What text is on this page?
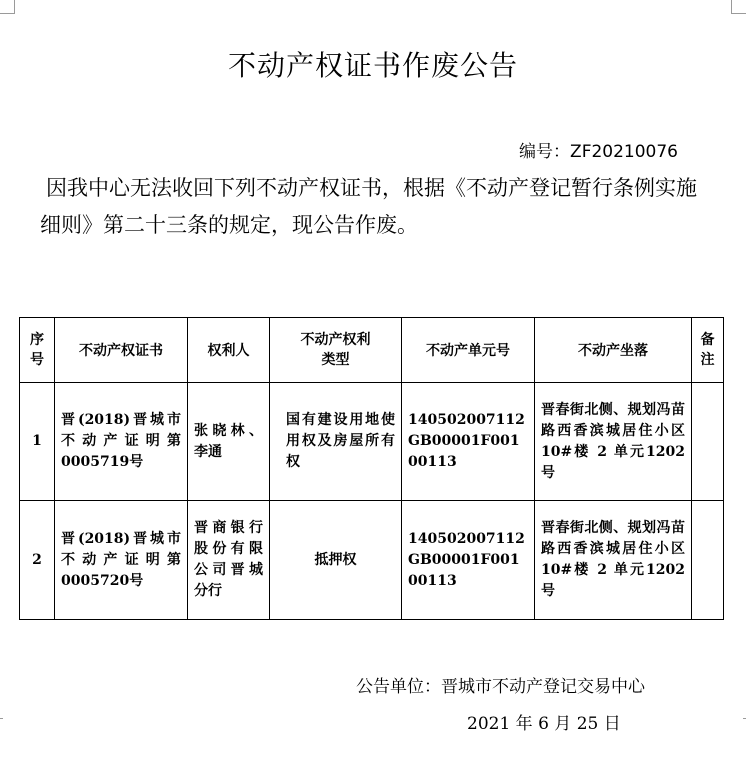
不动产权证书作废公告
编号：ZF20210076
因我中心无法收回下列不动产权证书，根据《不动产登记暂行条例实施细则》第二十三条的规定，现公告作废。
序号	不动产权证书	权利人	不动产权利类型	不动产单元号	不动产坐落	备注
1	晋(2018)晋城市不动产证明第0005719号	张晓林、李通	国有建设用地使用权及房屋所有权	140502007112GB00001F00100113	晋春街北侧、规划冯苗路西香滨城居住小区 10#楼 2 单元1202号	
2	晋(2018)晋城市不动产证明第0005720号	晋商银行股份有限公司晋城分行	抵押权	140502007112GB00001F00100113	晋春街北侧、规划冯苗路西香滨城居住小区 10#楼 2 单元1202号	
公告单位：晋城市不动产登记交易中心
2021 年 6 月 25 日
